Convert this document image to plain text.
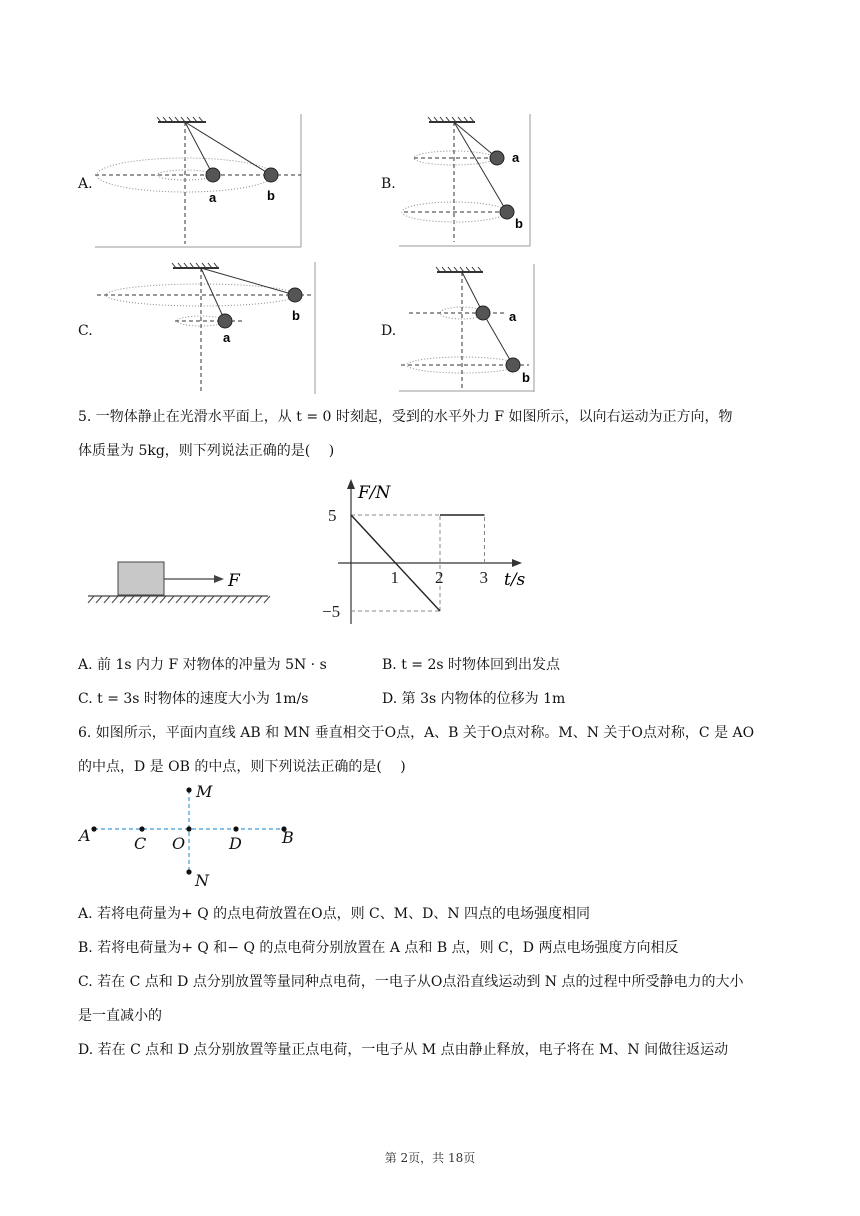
A.
a	b
B.
a
b
C.	a
b
D.
a
b
5. 一物体静止在光滑水平面上，从 t = 0 时刻起，受到的水平外力 F 如图所示，以向右运动为正方向，物
体质量为 5kg，则下列说法正确的是(　 )
F
F/N
t/s
1 2 3
5
−5
A. 前 1s 内力 F 对物体的冲量为 5N · s	B. t = 2s 时物体回到出发点
C. t = 3s 时物体的速度大小为 1m/s	D. 第 3s 内物体的位移为 1m
6. 如图所示，平面内直线 AB 和 MN 垂直相交于O点，A、B 关于O点对称。M、N 关于O点对称，C 是 AO
的中点，D 是 OB 的中点，则下列说法正确的是(　 )
A	C O	D	B
M
N
A. 若将电荷量为+ Q 的点电荷放置在O点，则 C、M、D、N 四点的电场强度相同
B. 若将电荷量为+ Q 和− Q 的点电荷分别放置在 A 点和 B 点，则 C，D 两点电场强度方向相反
C. 若在 C 点和 D 点分别放置等量同种点电荷，一电子从O点沿直线运动到 N 点的过程中所受静电力的大小
是一直减小的
D. 若在 C 点和 D 点分别放置等量正点电荷，一电子从 M 点由静止释放，电子将在 M、N 间做往返运动
第 2页，共 18页
